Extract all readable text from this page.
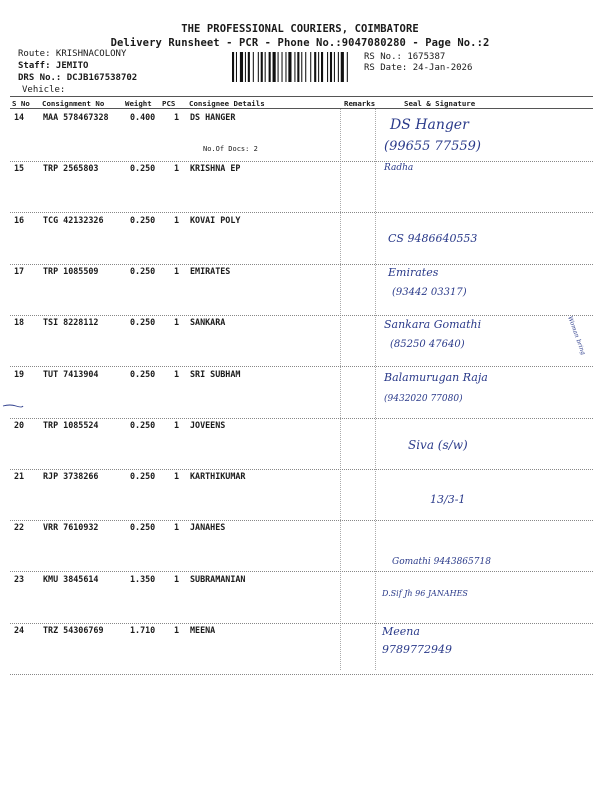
THE PROFESSIONAL COURIERS, COIMBATORE
Delivery Runsheet - PCR - Phone No.:9047080280 - Page No.:2
Route: KRISHNACOLONY
Staff: JEMITO
DRS No.: DCJB167538702
Vehicle:
RS No.: 1675387
RS Date: 24-Jan-2026
S No Consignment No	Weight PCS Consignee Details	Remarks	Seal & Signature
14 MAA 578467328	0.400 1 DS HANGER
No.Of Docs: 2
DS Hanger
(99655 77559)
Radha
15 TRP 2565803	0.250 1 KRISHNA EP
16 TCG 42132326	0.250 1 KOVAI POLY
CS 9486640553
17 TRP 1085509	0.250 1 EMIRATES	Emirates
(93442 03317)
18 TSI 8228112	0.250 1 SANKARA	Sankara Gomathi
(85250 47640)	Woman bring
19 TUT 7413904	0.250 1 SRI SUBHAM	Balamurugan Raja
(9432020 77080)
20 TRP 1085524	0.250 1 JOVEENS
Siva (s/w)
21 RJP 3738266	0.250 1 KARTHIKUMAR
13/3-1
22 VRR 7610932	0.250 1 JANAHES
Gomathi 9443865718
23 KMU 3845614	1.350 1 SUBRAMANIAN
D.Sif Jh 96 JANAHES
24 TRZ 54306769	1.710 1 MEENA	Meena
9789772949
